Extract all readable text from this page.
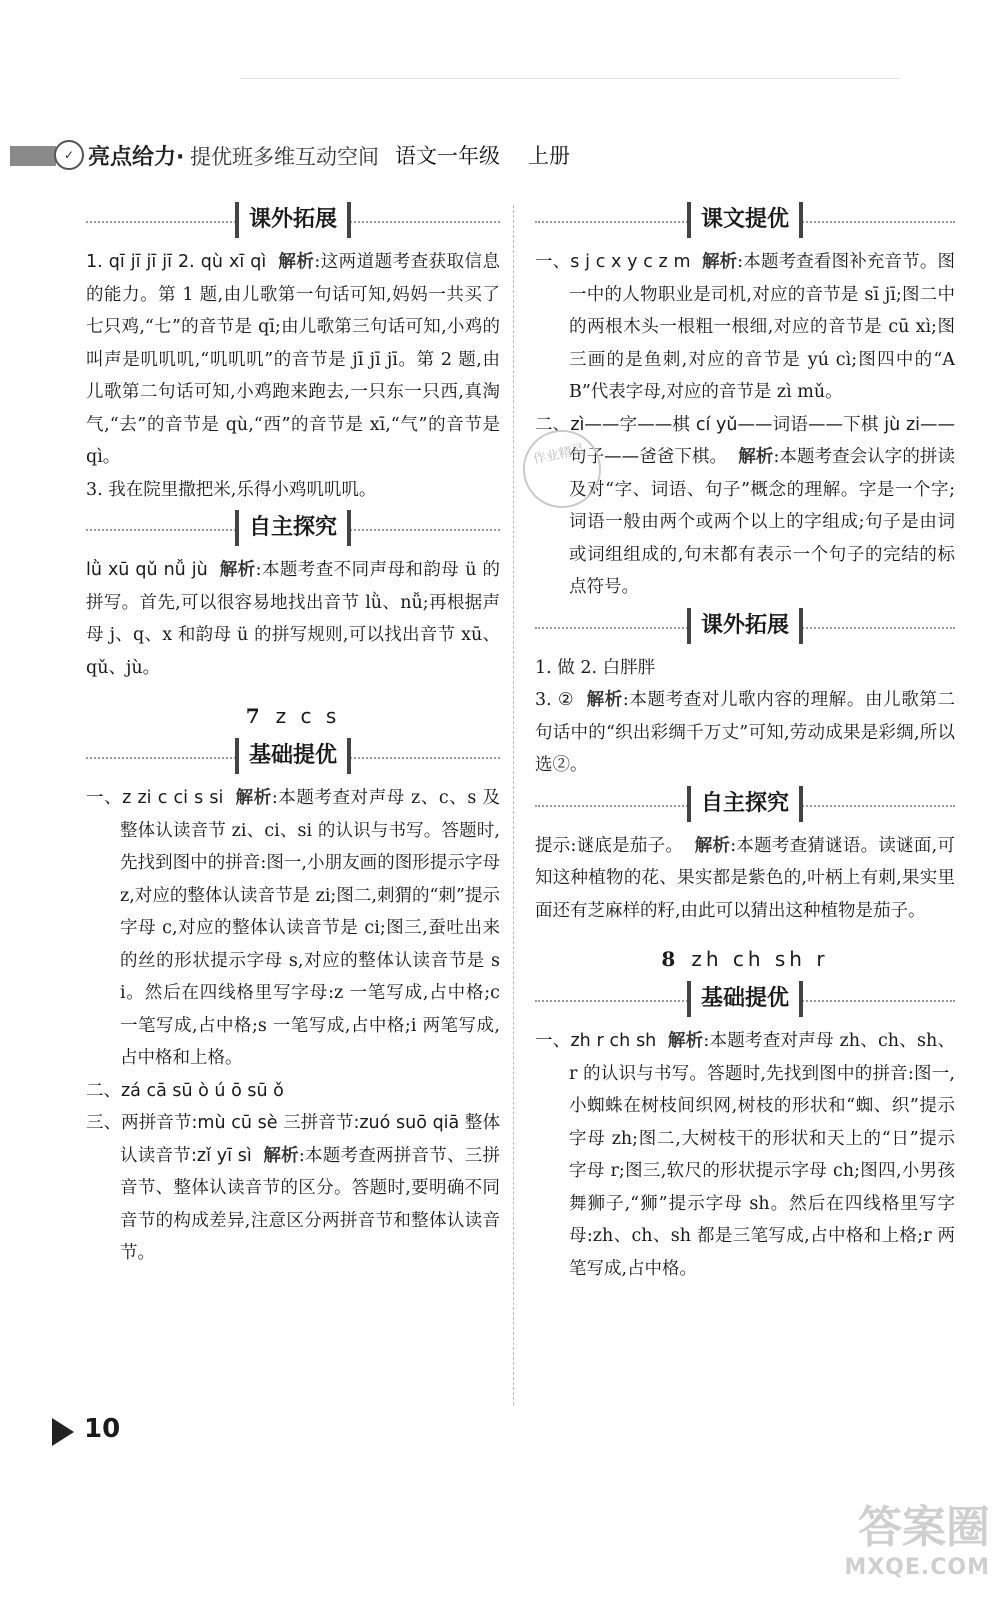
✓ 亮点给力· 提优班多维互动空间 语文一年级 上册
课外拓展

1. qī jī jī jī 2. qù xī qì 解析:这两道题考查获取信息的能力。第 1 题,由儿歌第一句话可知,妈妈一共买了七只鸡,“七”的音节是 qī;由儿歌第三句话可知,小鸡的叫声是叽叽叽,“叽叽叽”的音节是 jī jī jī。第 2 题,由儿歌第二句话可知,小鸡跑来跑去,一只东一只西,真淘气,“去”的音节是 qù,“西”的音节是 xī,“气”的音节是 qì。

3. 我在院里撒把米,乐得小鸡叽叽叽。

自主探究

lǜ xū qǔ nǚ jù 解析:本题考查不同声母和韵母 ü 的拼写。首先,可以很容易地找出音节 lǜ、nǚ;再根据声母 j、q、x 和韵母 ü 的拼写规则,可以找出音节 xū、qǔ、jù。

7 z c s
基础提优

一、z zi c ci s si 解析:本题考查对声母 z、c、s 及整体认读音节 zi、ci、si 的认识与书写。答题时,先找到图中的拼音:图一,小朋友画的图形提示字母 z,对应的整体认读音节是 zi;图二,刺猬的“刺”提示字母 c,对应的整体认读音节是 ci;图三,蚕吐出来的丝的形状提示字母 s,对应的整体认读音节是 si。然后在四线格里写字母:z 一笔写成,占中格;c 一笔写成,占中格;s 一笔写成,占中格;i 两笔写成,占中格和上格。

二、zá cā sū ò ú ō sū ǒ

三、两拼音节:mù cū sè 三拼音节:zuó suō qiā 整体认读音节:zǐ yī sì 解析:本题考查两拼音节、三拼音节、整体认读音节的区分。答题时,要明确不同音节的构成差异,注意区分两拼音节和整体认读音节。

课文提优

一、s j c x y c z m 解析:本题考查看图补充音节。图一中的人物职业是司机,对应的音节是 sī jī;图二中的两根木头一根粗一根细,对应的音节是 cū xì;图三画的是鱼刺,对应的音节是 yú cì;图四中的“AB”代表字母,对应的音节是 zì mǔ。

二、zì——字——棋 cí yǔ——词语——下棋 jù zi——句子——爸爸下棋。 解析:本题考查会认字的拼读及对“字、词语、句子”概念的理解。字是一个字;词语一般由两个或两个以上的字组成;句子是由词或词组组成的,句末都有表示一个句子的完结的标点符号。

课外拓展

1. 做 2. 白胖胖

3. ② 解析:本题考查对儿歌内容的理解。由儿歌第二句话中的“织出彩绸千万丈”可知,劳动成果是彩绸,所以选②。

自主探究

提示:谜底是茄子。 解析:本题考查猜谜语。读谜面,可知这种植物的花、果实都是紫色的,叶柄上有刺,果实里面还有芝麻样的籽,由此可以猜出这种植物是茄子。

8 zh ch sh r
基础提优

一、zh r ch sh 解析:本题考查对声母 zh、ch、sh、r 的认识与书写。答题时,先找到图中的拼音:图一,小蜘蛛在树枝间织网,树枝的形状和“蜘、织”提示字母 zh;图二,大树枝干的形状和天上的“日”提示字母 r;图三,软尺的形状提示字母 ch;图四,小男孩舞狮子,“狮”提示字母 sh。然后在四线格里写字母:zh、ch、sh 都是三笔写成,占中格和上格;r 两笔写成,占中格。

作业精灵
10
答案圈
MXQE.COM
